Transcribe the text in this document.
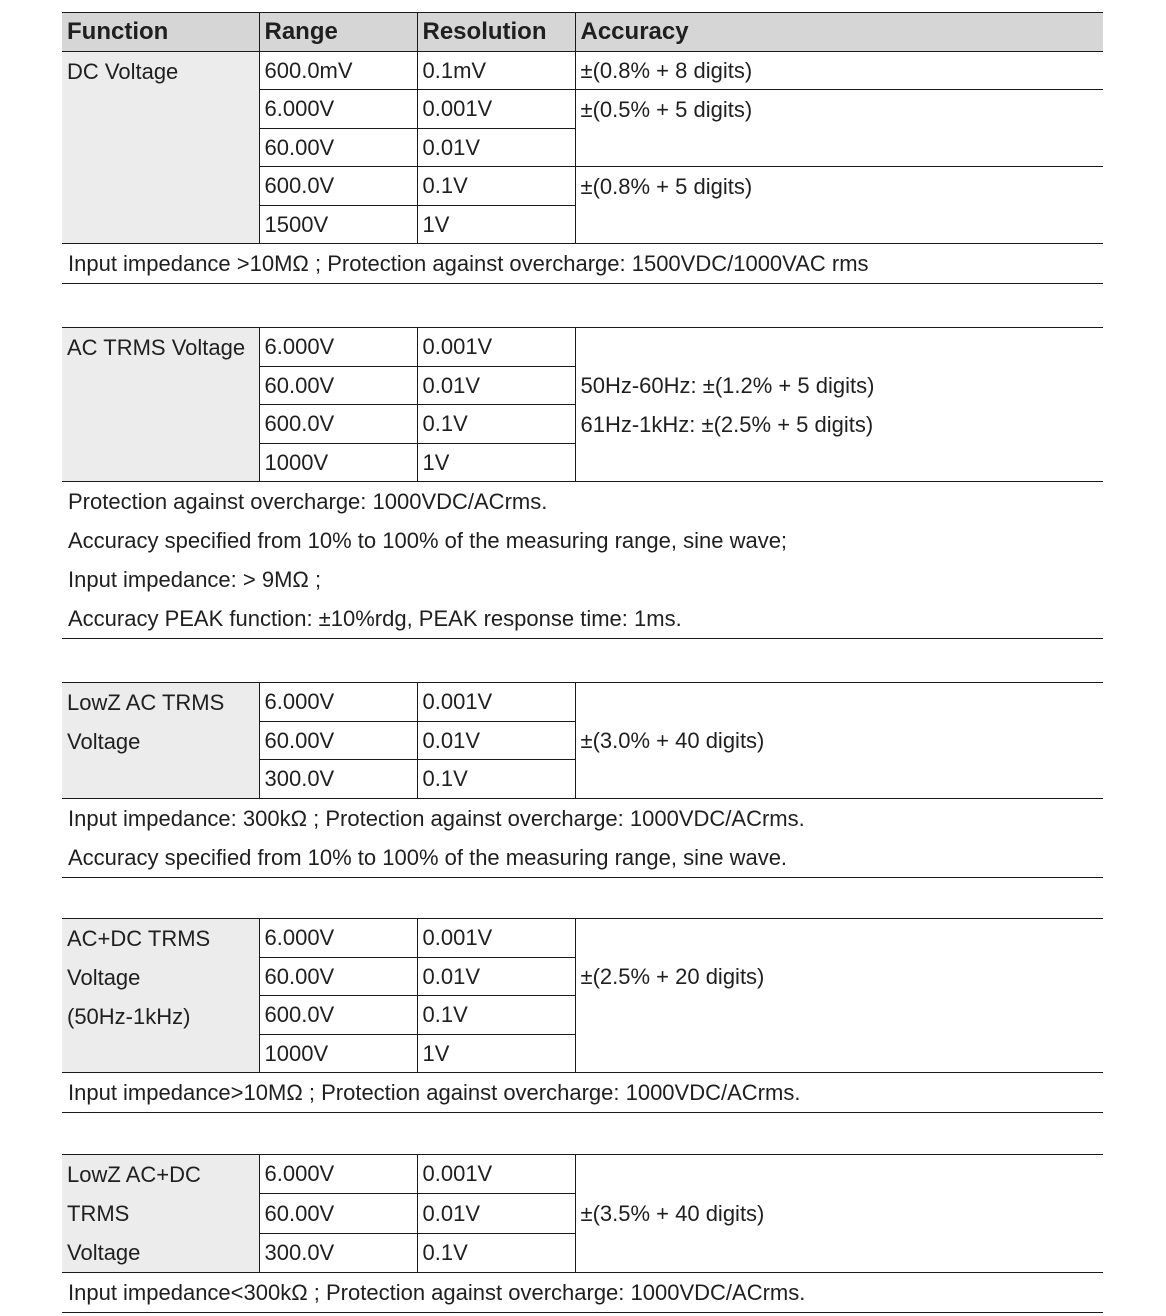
Function	Range	Resolution	Accuracy
DC Voltage	600.0mV	0.1mV	±(0.8% + 8 digits)
	6.000V	0.001V	±(0.5% + 5 digits)
	60.00V	0.01V	
	600.0V	0.1V	±(0.8% + 5 digits)
	1500V	1V	
Input impedance >10MΩ ; Protection against overcharge: 1500VDC/1000VAC rms
AC TRMS Voltage	6.000V	0.001V	50Hz-60Hz: ±(1.2% + 5 digits)
61Hz-1kHz: ±(2.5% + 5 digits)

	60.00V	0.01V	
	600.0V	0.1V	
	1000V	1V	
Protection against overcharge: 1000VDC/ACrms.
Accuracy specified from 10% to 100% of the measuring range, sine wave;
Input impedance: > 9MΩ ;
Accuracy PEAK function: ±10%rdg, PEAK response time: 1ms.
LowZ AC TRMS
Voltage	6.000V	0.001V	±(3.0% + 40 digits)
	60.00V	0.01V	
	300.0V	0.1V	
Input impedance: 300kΩ ; Protection against overcharge: 1000VDC/ACrms.
Accuracy specified from 10% to 100% of the measuring range, sine wave.
AC+DC TRMS
Voltage
(50Hz-1kHz)	6.000V	0.001V	±(2.5% + 20 digits)
	60.00V	0.01V	
	600.0V	0.1V	
	1000V	1V	
Input impedance>10MΩ ; Protection against overcharge: 1000VDC/ACrms.
LowZ AC+DC TRMS
Voltage	6.000V	0.001V	±(3.5% + 40 digits)
	60.00V	0.01V	
	300.0V	0.1V	
Input impedance<300kΩ ; Protection against overcharge: 1000VDC/ACrms.
